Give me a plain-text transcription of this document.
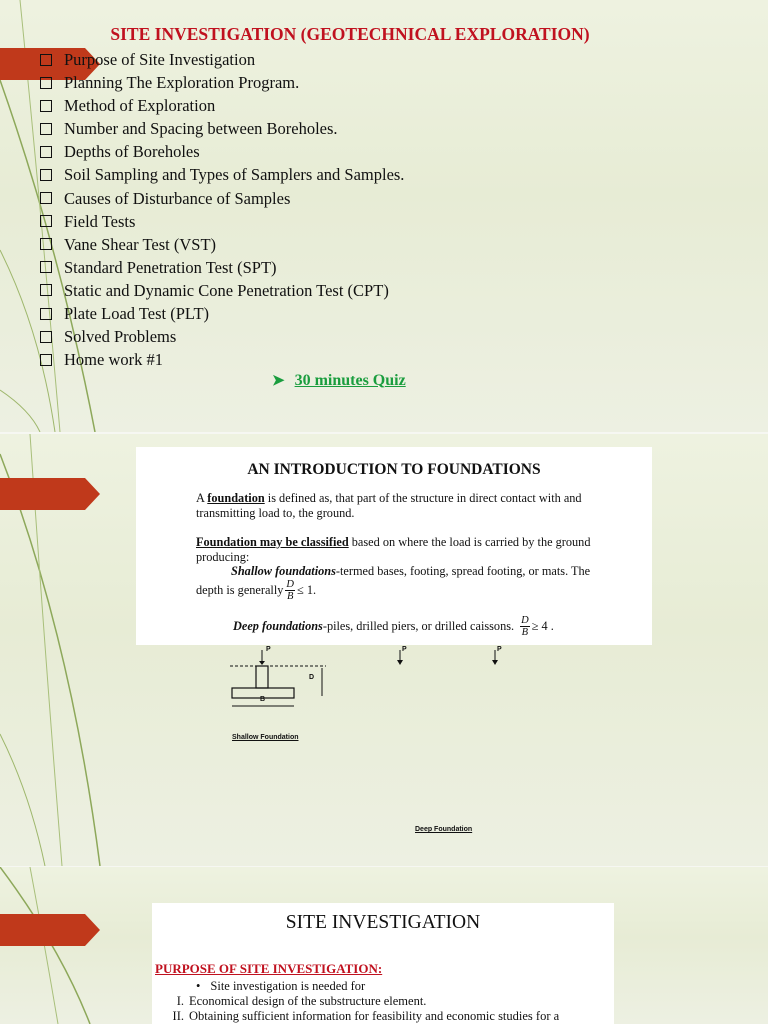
SITE INVESTIGATION (GEOTECHNICAL EXPLORATION)
Purpose of Site Investigation
Planning The Exploration Program.
Method of Exploration
Number and Spacing between Boreholes.
Depths of Boreholes
Soil Sampling and Types of Samplers and Samples.
Causes of Disturbance of Samples
Field Tests
Vane Shear Test (VST)
Standard Penetration Test (SPT)
Static and Dynamic Cone Penetration Test (CPT)
Plate Load Test (PLT)
Solved Problems
Home work #1
➤ 30 minutes Quiz
AN INTRODUCTION TO FOUNDATIONS
A foundation is defined as, that part of the structure in direct contact with and
transmitting load to, the ground.
Foundation may be classified based on where the load is carried by the ground
producing:
Shallow foundations-termed bases, footing, spread footing, or mats. The
depth is generally $\frac{D}{B} \le 1$.
Deep foundations -piles, drilled piers, or drilled caissons. $\frac{D}{B} \ge 4$ .
P
D
B
Shallow Foundation
P	P
Deep Foundation
SITE INVESTIGATION
PURPOSE OF SITE INVESTIGATION:
• Site investigation is needed for
I. Economical design of the substructure element.
II. Obtaining sufficient information for feasibility and economic studies for a
